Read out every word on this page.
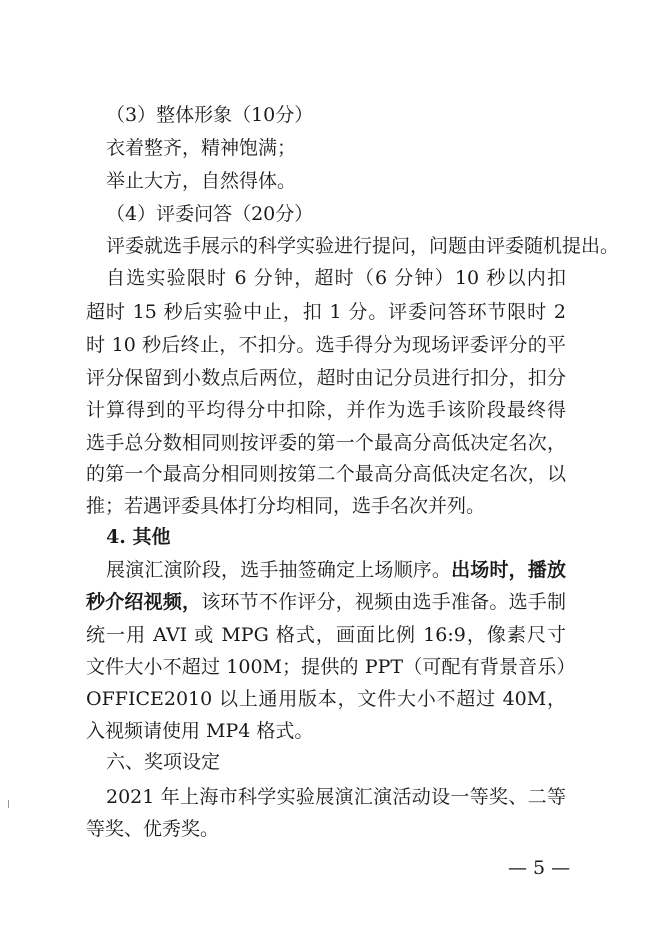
（3）整体形象（10分）
衣着整齐，精神饱满；
举止大方，自然得体。
（4）评委问答（20分）
评委就选手展示的科学实验进行提问，问题由评委随机提出。
自选实验限时 6 分钟，超时（6 分钟）10 秒以内扣
超时 15 秒后实验中止，扣 1 分。评委问答环节限时 2
时 10 秒后终止，不扣分。选手得分为现场评委评分的平
评分保留到小数点后两位，超时由记分员进行扣分，扣分
计算得到的平均得分中扣除，并作为选手该阶段最终得
选手总分数相同则按评委的第一个最高分高低决定名次，
的第一个最高分相同则按第二个最高分高低决定名次，以
推；若遇评委具体打分均相同，选手名次并列。
4. 其他
展演汇演阶段，选手抽签确定上场顺序。出场时，播放
秒介绍视频，该环节不作评分，视频由选手准备。选手制
统一用 AVI 或 MPG 格式，画面比例 16:9，像素尺寸
文件大小不超过 100M；提供的 PPT（可配有背景音乐）
OFFICE2010 以上通用版本，文件大小不超过 40M，
入视频请使用 MP4 格式。
六、奖项设定
2021 年上海市科学实验展演汇演活动设一等奖、二等
等奖、优秀奖。
— 5 —
